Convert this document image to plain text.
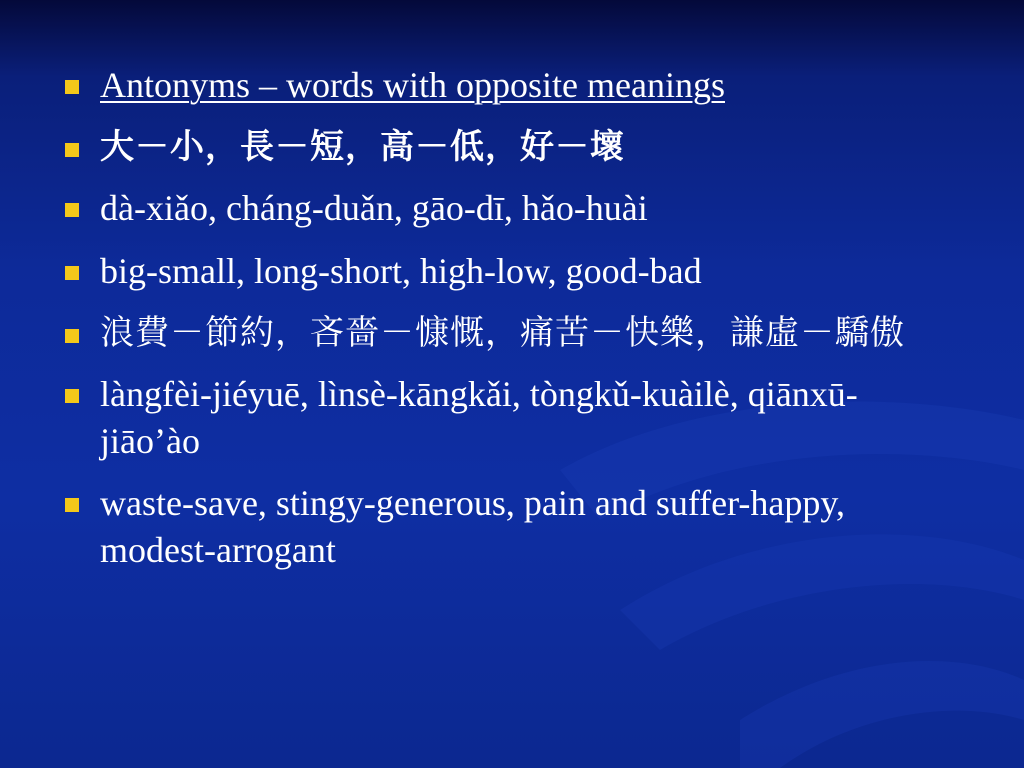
Antonyms – words with opposite meanings
大－小，長－短，高－低，好－壞
dà-xiǎo, cháng-duǎn, gāo-dī, hǎo-huài
big-small, long-short, high-low, good-bad
浪費－節約，吝嗇－慷慨，痛苦－快樂，謙虛－驕傲
làngfèi-jiéyuē, lìnsè-kāngkǎi, tòngkǔ-kuàilè, qiānxū-jiāo’ào
waste-save, stingy-generous, pain and suffer-happy, modest-arrogant
